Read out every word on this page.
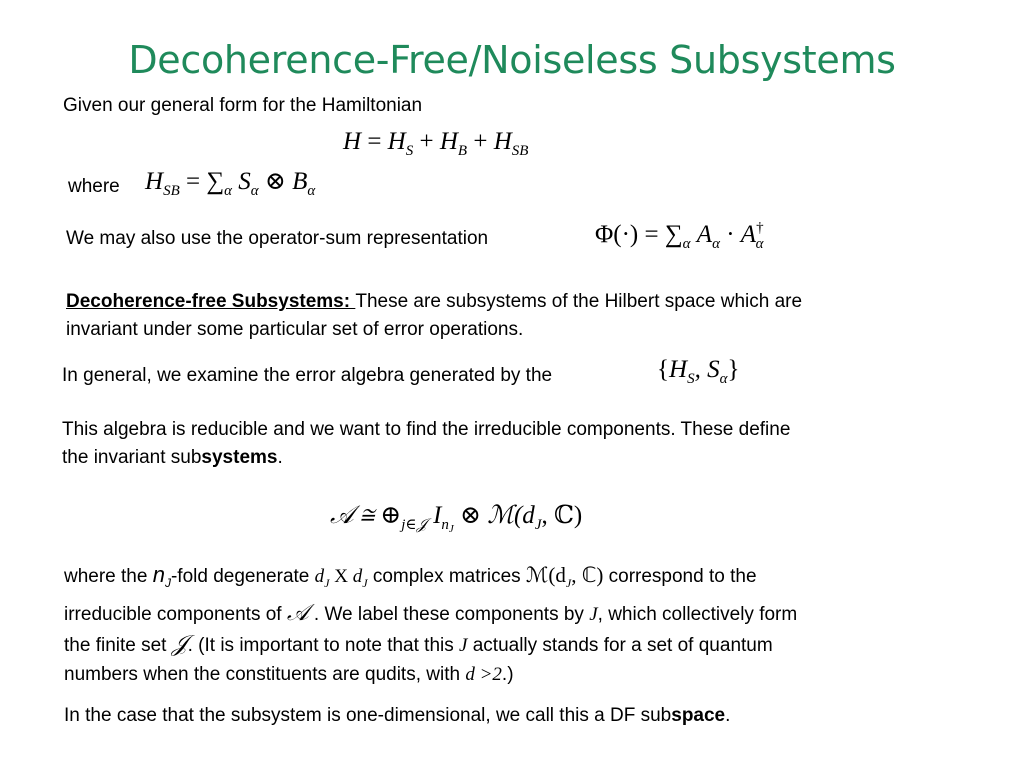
Decoherence-Free/Noiseless Subsystems
Given our general form for the Hamiltonian
$H = H_S + H_B + H_{SB}$
where $H_{SB} = \sum_\alpha$ $S_\alpha$ ⊗ $B_\alpha$
We may also use the operator-sum representation	$\Phi(\cdot) = \sum_\alpha$ $A_\alpha \cdot A^\dagger_\alpha$
Decoherence-free Subsystems: These are subsystems of the Hilbert space which are
invariant under some particular set of error operations.
In general, we examine the error algebra generated by the	{$H_S$, $S_\alpha$}
This algebra is reducible and we want to find the irreducible components. These define
the invariant subsystems.
𝒜 ≅ $\oplus_{j\in 𝒥}$ $I_{n_J}$ ⊗ $ℳ(d_J$, ℂ)
where the $n_J$-fold degenerate $d_J$ X $d_J$ complex matrices $ℳ(d_J$, ℂ) correspond to the
irreducible components of 𝒜 . We label these components by J, which collectively form
the finite set 𝒥. (It is important to note that this J actually stands for a set of quantum
numbers when the constituents are qudits, with d >2.)
In the case that the subsystem is one-dimensional, we call this a DF subspace.
